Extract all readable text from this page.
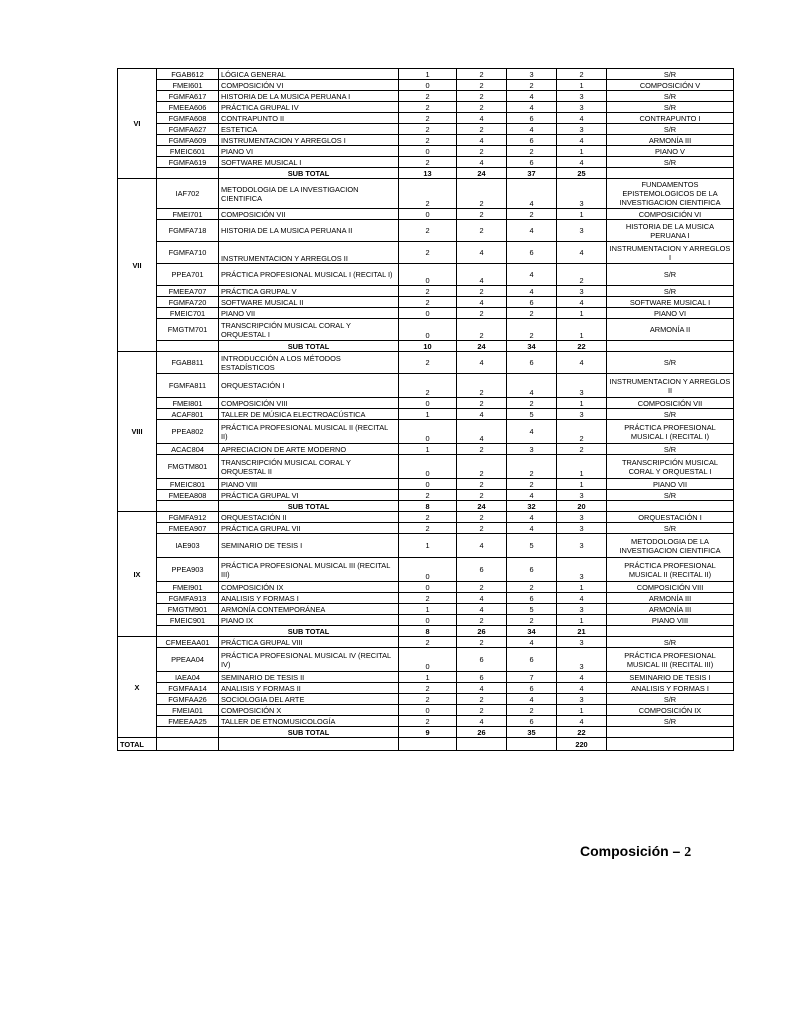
VI	FGAB612	LÓGICA GENERAL	1	2	3	2	S/R
	FMEI601	COMPOSICIÓN VI	0	2	2	1	COMPOSICIÓN V
	FGMFA617	HISTORIA DE LA MUSICA PERUANA I	2	2	4	3	S/R
	FMEEA606	PRÁCTICA GRUPAL IV	2	2	4	3	S/R
	FGMFA608	CONTRAPUNTO II	2	4	6	4	CONTRAPUNTO I
	FGMFA627	ESTETICA	2	2	4	3	S/R
	FGMFA609	INSTRUMENTACION Y ARREGLOS I	2	4	6	4	ARMONÍA III
	FMEIC601	PIANO VI	0	2	2	1	PIANO V
	FGMFA619	SOFTWARE MUSICAL I	2	4	6	4	S/R
		SUB TOTAL	13	24	37	25	
VII	IAF702	METODOLOGIA DE LA INVESTIGACION CIENTIFICA	2	2	4	3	FUNDAMENTOS EPISTEMOLOGICOS DE LA INVESTIGACION CIENTIFICA
	FMEI701	COMPOSICIÓN VII	0	2	2	1	COMPOSICIÓN VI
	FGMFA718	HISTORIA DE LA MUSICA PERUANA II	2	2	4	3	HISTORIA DE LA MUSICA PERUANA I
	FGMFA710	INSTRUMENTACION Y ARREGLOS II	2	4	6	4	INSTRUMENTACION Y ARREGLOS I
	PPEA701	PRÁCTICA PROFESIONAL MUSICAL I (RECITAL I)	0	4	4	2	S/R
	FMEEA707	PRÁCTICA GRUPAL V	2	2	4	3	S/R
	FGMFA720	SOFTWARE MUSICAL II	2	4	6	4	SOFTWARE MUSICAL I
	FMEIC701	PIANO VII	0	2	2	1	PIANO VI
	FMGTM701	TRANSCRIPCIÓN MUSICAL CORAL Y ORQUESTAL I	0	2	2	1	ARMONÍA II
		SUB TOTAL	10	24	34	22	
VIII	FGAB811	INTRODUCCIÓN A LOS MÉTODOS ESTADÍSTICOS	2	4	6	4	S/R
	FGMFA811	ORQUESTACIÓN I	2	2	4	3	INSTRUMENTACION Y ARREGLOS II
	FMEI801	COMPOSICIÓN VIII	0	2	2	1	COMPOSICIÓN VII
	ACAF801	TALLER DE MÚSICA ELECTROACÚSTICA	1	4	5	3	S/R
	PPEA802	PRÁCTICA PROFESIONAL MUSICAL II (RECITAL II)	0	4	4	2	PRÁCTICA PROFESIONAL MUSICAL I (RECITAL I)
	ACAC804	APRECIACION DE ARTE MODERNO	1	2	3	2	S/R
	FMGTM801	TRANSCRIPCIÓN MUSICAL CORAL Y ORQUESTAL II	0	2	2	1	TRANSCRIPCIÓN MUSICAL CORAL Y ORQUESTAL I
	FMEIC801	PIANO VIII	0	2	2	1	PIANO VII
	FMEEA808	PRÁCTICA GRUPAL VI	2	2	4	3	S/R
		SUB TOTAL	8	24	32	20	
IX	FGMFA912	ORQUESTACIÓN II	2	2	4	3	ORQUESTACIÓN I
	FMEEA907	PRÁCTICA GRUPAL VII	2	2	4	3	S/R
	IAE903	SEMINARIO DE TESIS I	1	4	5	3	METODOLOGIA DE LA INVESTIGACION CIENTIFICA
	PPEA903	PRÁCTICA PROFESIONAL MUSICAL III (RECITAL III)	0	6	6	3	PRÁCTICA PROFESIONAL MUSICAL II (RECITAL II)
	FMEI901	COMPOSICIÓN IX	0	2	2	1	COMPOSICIÓN VIII
	FGMFA913	ANALISIS Y FORMAS I	2	4	6	4	ARMONÍA III
	FMGTM901	ARMONÍA CONTEMPORÁNEA	1	4	5	3	ARMONÍA III
	FMEIC901	PIANO IX	0	2	2	1	PIANO VIII
		SUB TOTAL	8	26	34	21	
X	CFMEEAA01	PRÁCTICA GRUPAL VIII	2	2	4	3	S/R
	PPEAA04	PRÁCTICA PROFESIONAL MUSICAL IV (RECITAL IV)	0	6	6	3	PRÁCTICA PROFESIONAL MUSICAL III (RECITAL III)
	IAEA04	SEMINARIO DE TESIS II	1	6	7	4	SEMINARIO DE TESIS I
	FGMFAA14	ANALISIS Y FORMAS II	2	4	6	4	ANALISIS Y FORMAS I
	FGMFAA26	SOCIOLOGIA DEL ARTE	2	2	4	3	S/R
	FMEIA01	COMPOSICIÓN X	0	2	2	1	COMPOSICIÓN IX
	FMEEAA25	TALLER DE ETNOMUSICOLOGÍA	2	4	6	4	S/R
		SUB TOTAL	9	26	35	22	
TOTAL						220	
Composición – 2
